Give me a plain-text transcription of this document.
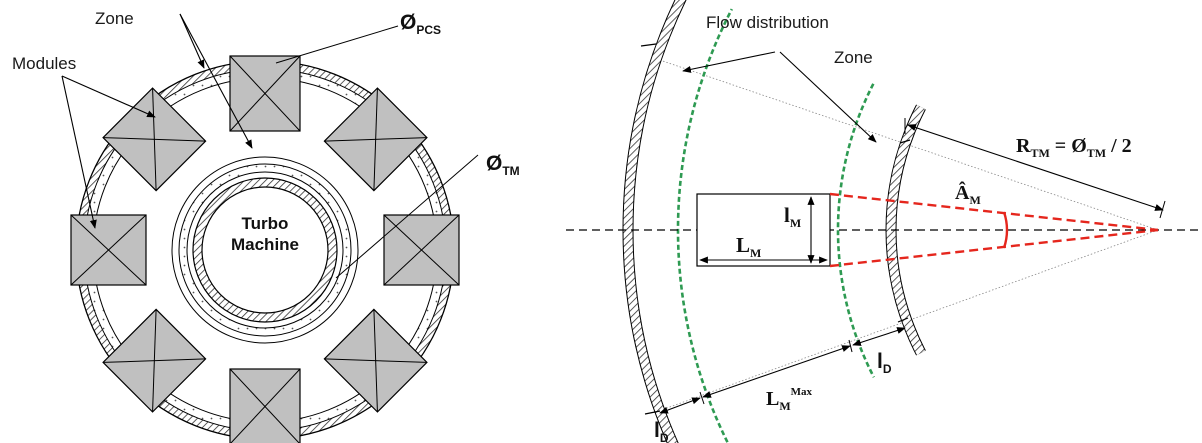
Turbo
Machine
Zone
Modules
$Ø_{PCS}$
$Ø_{TM}$
$l_M$
$L_M$
Flow distribution
Zone
$R_{TM}$ = $Ø_{TM} / 2$
$Â_M$
$l_D$
$L_M^{Max}$
$l_D$
